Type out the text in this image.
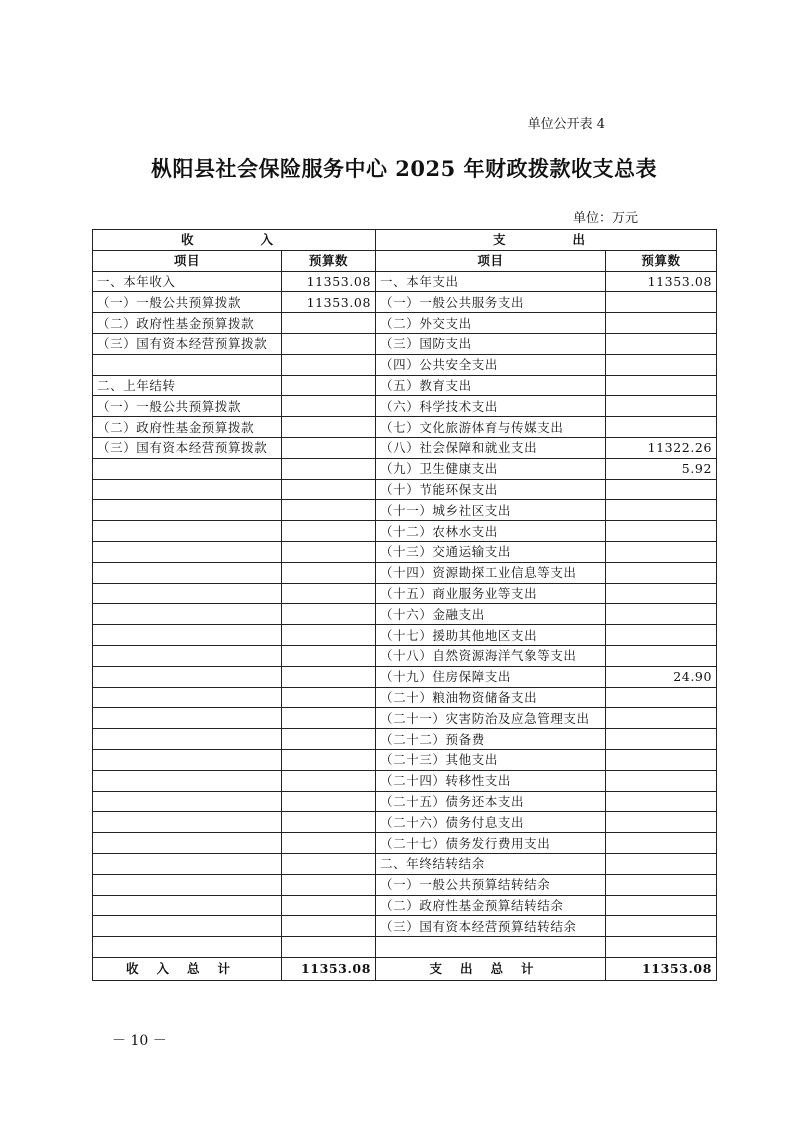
单位公开表 4
枞阳县社会保险服务中心 2025 年财政拨款收支总表
单位：万元
收　　入		支　　出	
项目	预算数	项目	预算数
一、本年收入	11353.08	一、本年支出	11353.08
（一）一般公共预算拨款	11353.08	（一）一般公共服务支出	
（二）政府性基金预算拨款		（二）外交支出	
（三）国有资本经营预算拨款		（三）国防支出	
		（四）公共安全支出	
二、上年结转		（五）教育支出	
（一）一般公共预算拨款		（六）科学技术支出	
（二）政府性基金预算拨款		（七）文化旅游体育与传媒支出	
（三）国有资本经营预算拨款		（八）社会保障和就业支出	11322.26
		（九）卫生健康支出	5.92
		（十）节能环保支出	
		（十一）城乡社区支出	
		（十二）农林水支出	
		（十三）交通运输支出	
		（十四）资源勘探工业信息等支出	
		（十五）商业服务业等支出	
		（十六）金融支出	
		（十七）援助其他地区支出	
		（十八）自然资源海洋气象等支出	
		（十九）住房保障支出	24.90
		（二十）粮油物资储备支出	
		（二十一）灾害防治及应急管理支出	
		（二十二）预备费	
		（二十三）其他支出	
		（二十四）转移性支出	
		（二十五）债务还本支出	
		（二十六）债务付息支出	
		（二十七）债务发行费用支出	
		二、年终结转结余	
		（一）一般公共预算结转结余	
		（二）政府性基金预算结转结余	
		（三）国有资本经营预算结转结余	

收入总计	11353.08	支出总计	11353.08
－ 10 －
